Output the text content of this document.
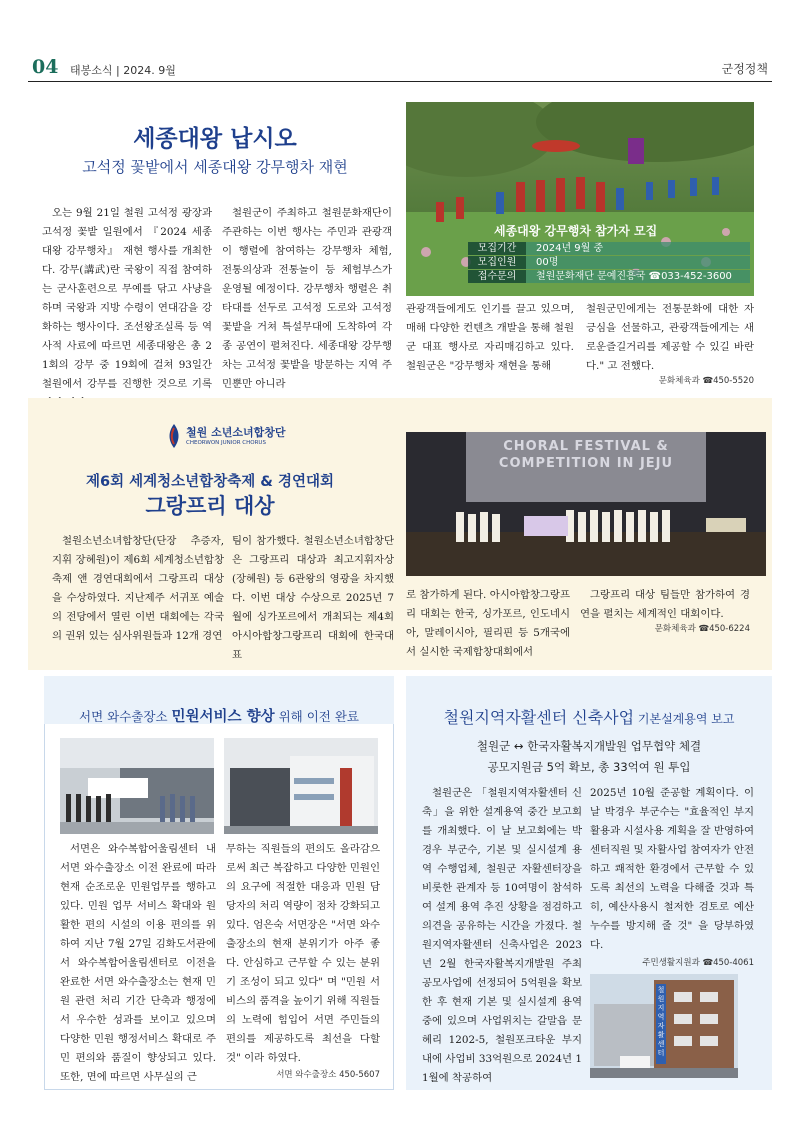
04 태봉소식 | 2024. 9월	군정정책
세종대왕 납시오
고석정 꽃밭에서 세종대왕 강무행차 재현

오는 9월 21일 철원 고석정 광장과 고석정 꽃밭 일원에서 『2024 세종대왕 강무행차』 재현 행사를 개최한다. 강무(講武)란 국왕이 직접 참여하는 군사훈련으로 무예를 닦고 사냥을 하며 국왕과 지방 수령이 연대감을 강화하는 행사이다. 조선왕조실록 등 역사적 사료에 따르면 세종대왕은 총 21회의 강무 중 19회에 걸쳐 93일간 철원에서 강무를 진행한 것으로 기록

철원군이 주최하고 철원문화재단이 주관하는 이번 행사는 주민과 관광객이 행렬에 참여하는 강무행차 체험, 전통의상과 전통놀이 등 체험부스가 운영될 예정이다. 강무행차 행렬은 취타대를 선두로 고석정 도로와 고석정 꽃밭을 거쳐 특설무대에 도착하여 각종 공연이 펼쳐진다. 세종대왕 강무행차는 고석정 꽃밭을 방문하는 지역 주민뿐만 아니라

세종대왕 강무행차 참가자 모집
모집기간	2024년 9월 중
모집인원	00명
접수문의	철원문화재단 문예진흥국 ☎033-452-3600

관광객들에게도 인기를 끌고 있으며, 매해 다양한 컨텐츠 개발을 통해 철원군 대표 행사로 자리매김하고 있다. 철원군은 "강무행차 재현을 통해

철원군민에게는 전통문화에 대한 자긍심을 선물하고, 관광객들에게는 새로운즐길거리를 제공할 수 있길 바란다." 고 전했다.

문화체육과 ☎450-5520
철원 소년소녀합창단
CHEORWON JUNIOR CHORUS
제6회 세계청소년합창축제 & 경연대회
그랑프리 대상

철원소년소녀합창단(단장 추증자, 지휘 장혜원)이 제6회 세계청소년합창축제 앤 경연대회에서 그랑프리 대상을 수상하였다. 지난제주 서귀포 예술의 전당에서 열린 이번 대회에는 각국의 권위 있는 심사위원들과 12개 경연

팀이 참가했다. 철원소년소녀합창단은 그랑프리 대상과 최고지휘자상(장혜원) 등 6관왕의 영광을 차지했다. 이번 대상 수상으로 2025년 7월에 싱가포르에서 개최되는 제4회 아시아합창그랑프리 대회에 한국대표

CHORAL FESTIVAL & COMPETITION IN JEJU

로 참가하게 된다. 아시아합창그랑프리 대회는 한국, 싱가포르, 인도네시아, 말레이시아, 필리핀 등 5개국에서 실시한 국제합창대회에서

그랑프리 대상 팀들만 참가하여 경연을 펼치는 세계적인 대회이다.

문화체육과 ☎450-6224
서면 와수출장소 민원서비스 향상 위해 이전 완료

서면은 와수복합어울림센터 내 서면 와수출장소 이전 완료에 따라 현재 순조로운 민원업무를 행하고 있다. 민원 업무 서비스 확대와 원활한 편의 시설의 이용 편의를 위하여 지난 7월 27일 김화도서관에서 와수복합어울림센터로 이전을 완료한 서면 와수출장소는 현재 민원 관련 처리 기간 단축과 행정에서 우수한 성과를 보이고 있으며 다양한 민원 행정서비스 확대로 주민 편의와 품질이 향상되고 있다. 또한, 면에 따르면 사무실의 근

무하는 직원들의 편의도 올라감으로써 최근 복잡하고 다양한 민원인의 요구에 적절한 대응과 민원 담당자의 처리 역량이 점차 강화되고 있다. 엄은숙 서면장은 "서면 와수출장소의 현재 분위기가 아주 좋다. 안심하고 근무할 수 있는 분위기 조성이 되고 있다" 며 "민원 서비스의 품격을 높이기 위해 직원들의 노력에 힘입어 서면 주민들의 편의를 제공하도록 최선을 다할 것" 이라 하였다.

서면 와수출장소 450-5607
철원지역자활센터 신축사업 기본설계용역 보고
철원군 ↔ 한국자활복지개발원 업무협약 체결
공모지원금 5억 확보, 총 33억여 원 투입

철원군은 「철원지역자활센터 신축」을 위한 설계용역 중간 보고회를 개최했다. 이 날 보고회에는 박경우 부군수, 기본 및 실시설계 용역 수행업체, 철원군 자활센터장을 비롯한 관계자 등 10여명이 참석하여 설계 용역 추진 상황을 점검하고 의견을 공유하는 시간을 가졌다. 철원지역자활센터 신축사업은 2023년 2월 한국자활복지개발원 주최 공모사업에 선정되어 5억원을 확보한 후 현재 기본 및 실시설계 용역 중에 있으며 사업위치는 갈말읍 문혜리 1202-5, 철원포크타운 부지 내에 사업비 33억원으로 2024년 11월에 착공하여

2025년 10월 준공할 계획이다. 이날 박경우 부군수는 "효율적인 부지활용과 시설사용 계획을 잘 반영하여 센터직원 및 자활사업 참여자가 안전하고 쾌적한 환경에서 근무할 수 있도록 최선의 노력을 다해줄 것과 특히, 예산사용시 철저한 검토로 예산누수를 방지해 줄 것" 을 당부하였다.

주민생활지원과 ☎450-4061
철원지역자활센터
